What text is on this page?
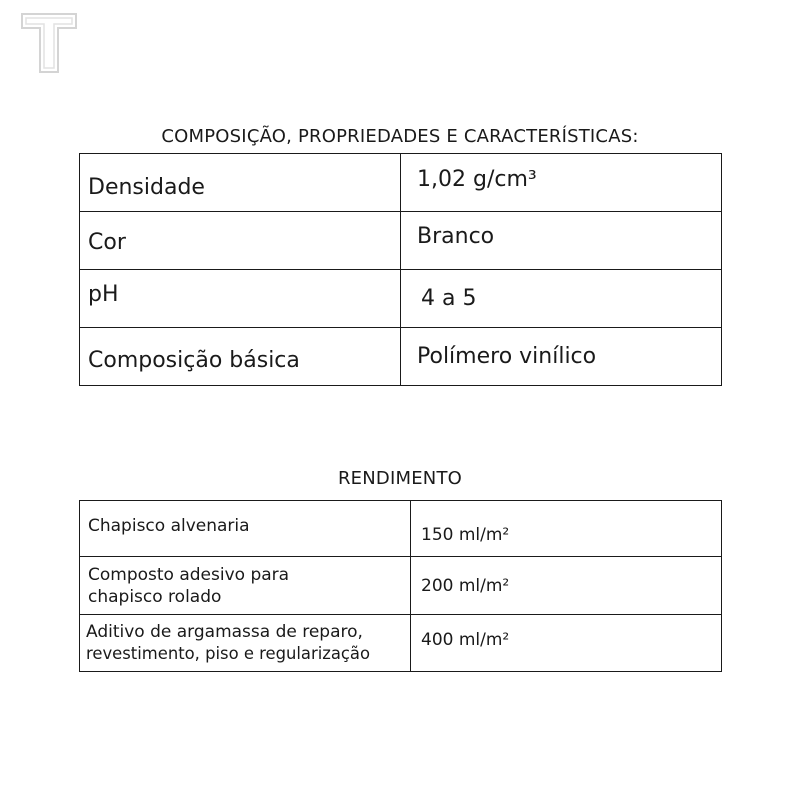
COMPOSIÇÃO, PROPRIEDADES E CARACTERÍSTICAS:
Densidade	1,02 g/cm³
Cor	Branco
pH	4 a 5
Composição básica	Polímero vinílico
RENDIMENTO
Chapisco alvenaria	150 ml/m²

Composto adesivo para
chapisco rolado	200 ml/m²

Aditivo de argamassa de reparo,
revestimento, piso e regularização	400 ml/m²
